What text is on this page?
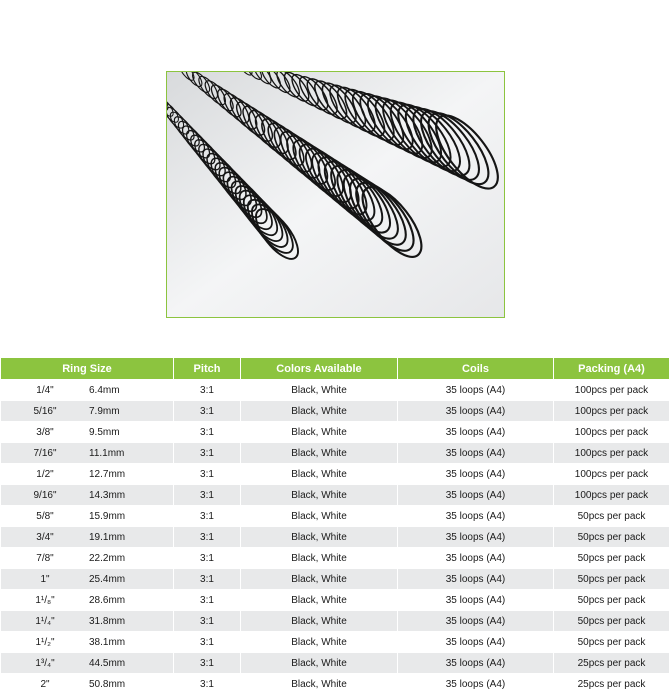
Ring Size	Pitch	Colors Available	Coils	Packing (A4)
1/4" 6.4mm	3:1	Black, White	35 loops (A4)	100pcs per pack
5/16" 7.9mm	3:1	Black, White	35 loops (A4)	100pcs per pack
3/8" 9.5mm	3:1	Black, White	35 loops (A4)	100pcs per pack
7/16" 11.1mm	3:1	Black, White	35 loops (A4)	100pcs per pack
1/2" 12.7mm	3:1	Black, White	35 loops (A4)	100pcs per pack
9/16" 14.3mm	3:1	Black, White	35 loops (A4)	100pcs per pack
5/8" 15.9mm	3:1	Black, White	35 loops (A4)	50pcs per pack
3/4" 19.1mm	3:1	Black, White	35 loops (A4)	50pcs per pack
7/8" 22.2mm	3:1	Black, White	35 loops (A4)	50pcs per pack
1" 25.4mm	3:1	Black, White	35 loops (A4)	50pcs per pack
1¹/₈" 28.6mm	3:1	Black, White	35 loops (A4)	50pcs per pack
1¹/₄" 31.8mm	3:1	Black, White	35 loops (A4)	50pcs per pack
1¹/₂" 38.1mm	3:1	Black, White	35 loops (A4)	50pcs per pack
1³/₄" 44.5mm	3:1	Black, White	35 loops (A4)	25pcs per pack
2" 50.8mm	3:1	Black, White	35 loops (A4)	25pcs per pack
